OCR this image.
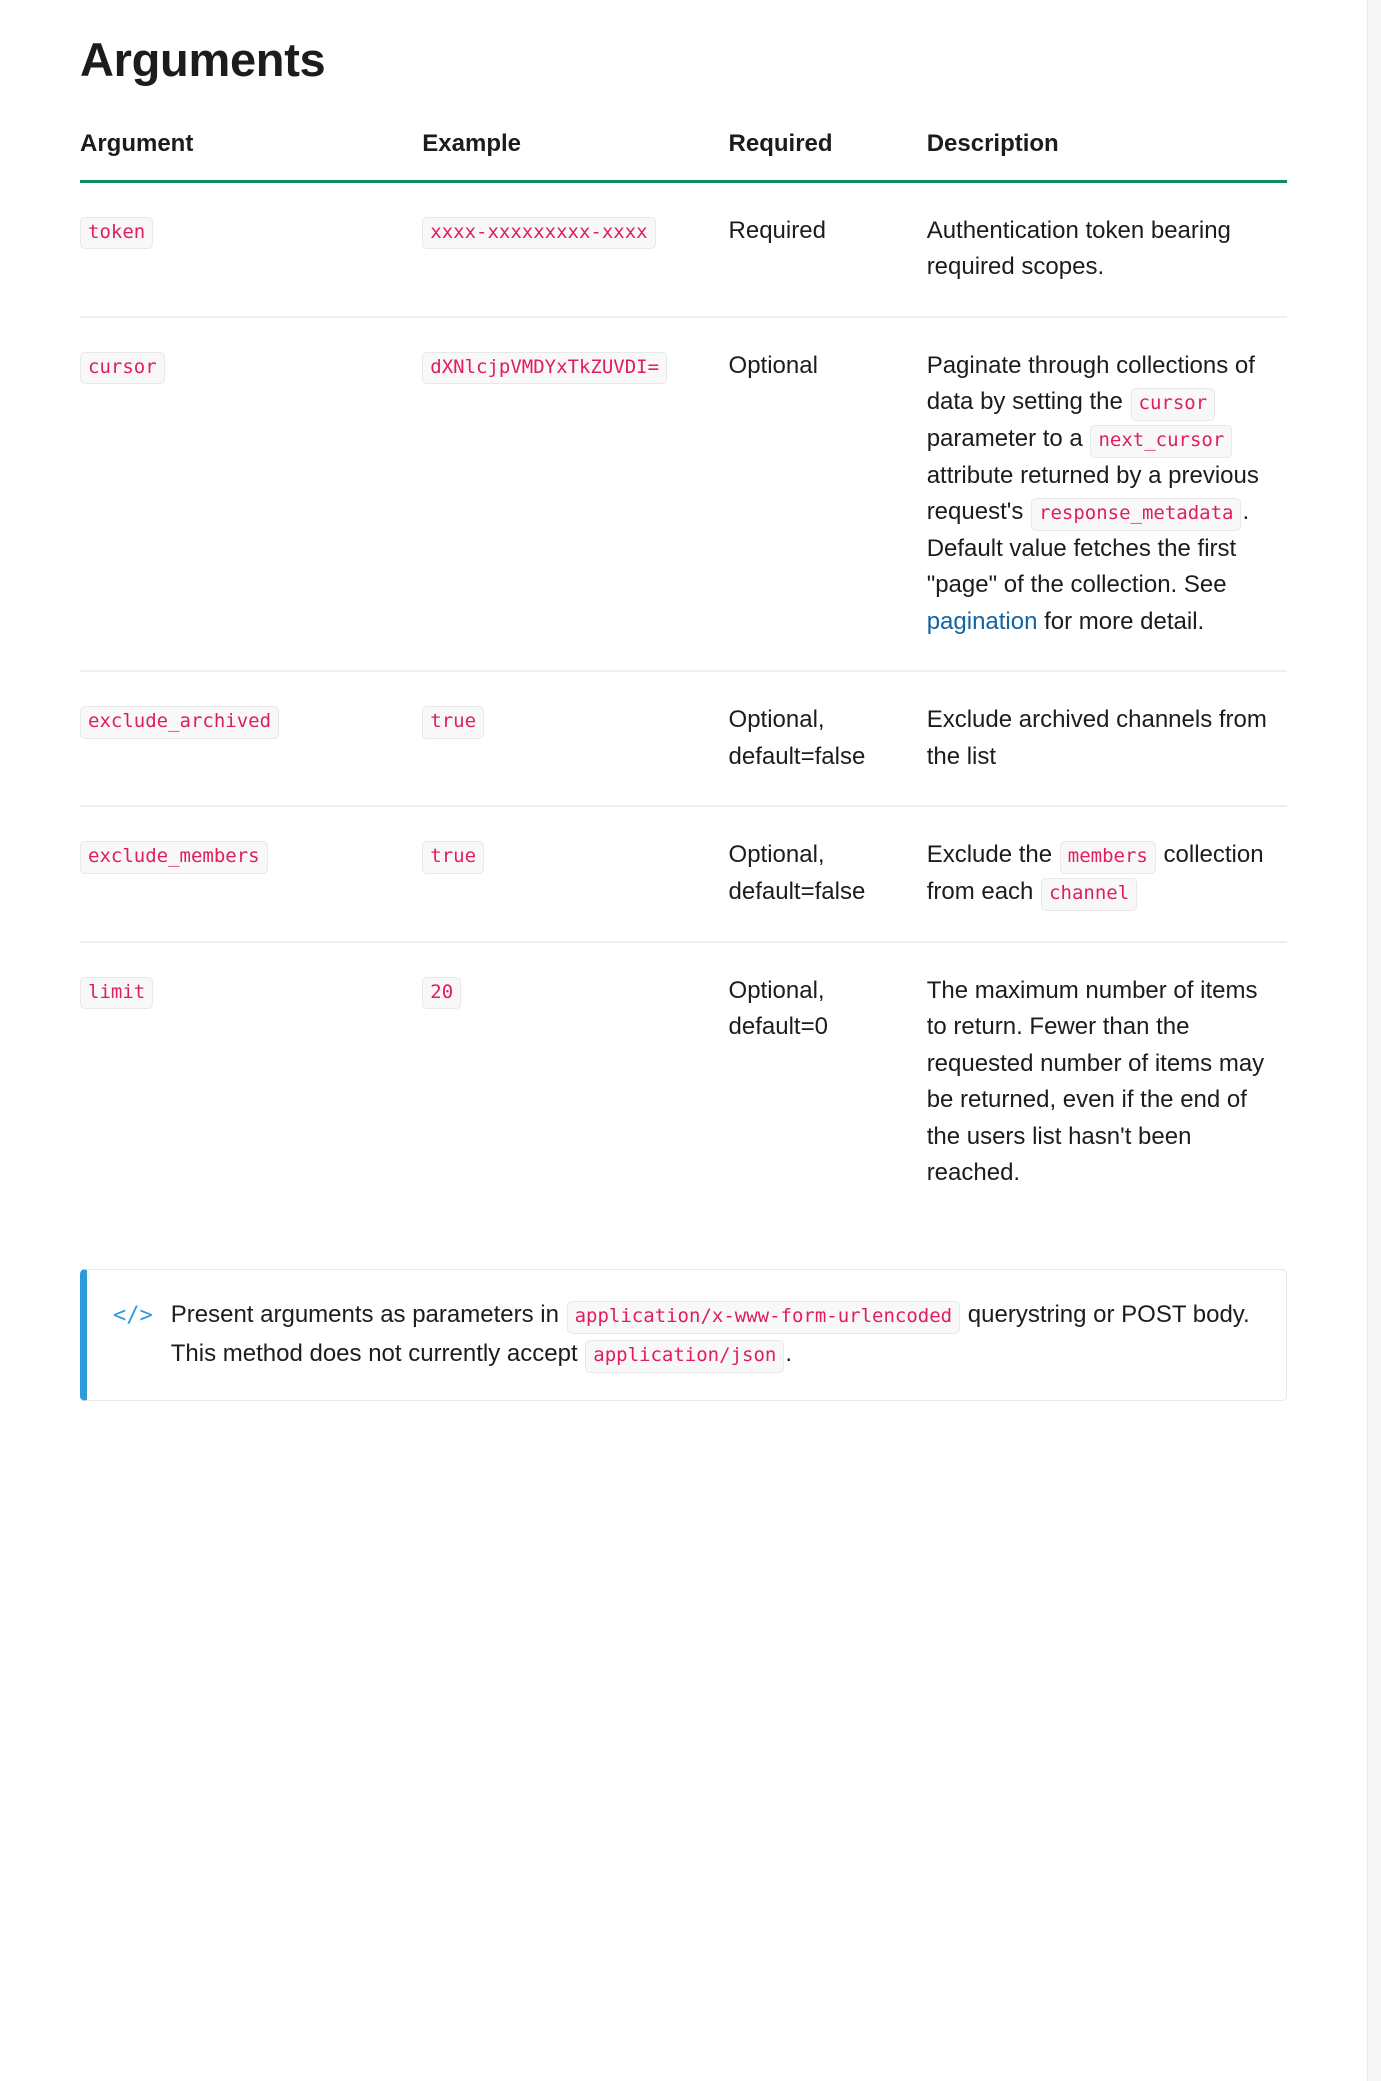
Arguments
Argument	Example	Required	Description
token	xxxx-xxxxxxxxx-xxxx	Required	Authentication token bearing required scopes.
cursor	dXNlcjpVMDYxTkZUVDI=	Optional	Paginate through collections of data by setting the cursor parameter to a next_cursor attribute returned by a previous request's response_metadata . Default value fetches the first "page" of the collection. See pagination for more detail.
exclude_archived	true	Optional, default=false	Exclude archived channels from the list
exclude_members	true	Optional, default=false	Exclude the members collection from each channel
limit	20	Optional, default=0	The maximum number of items to return. Fewer than the requested number of items may be returned, even if the end of the users list hasn't been reached.
</> Present arguments as parameters in application/x-www-form-urlencoded querystring or POST body. This method does not currently accept application/json .
